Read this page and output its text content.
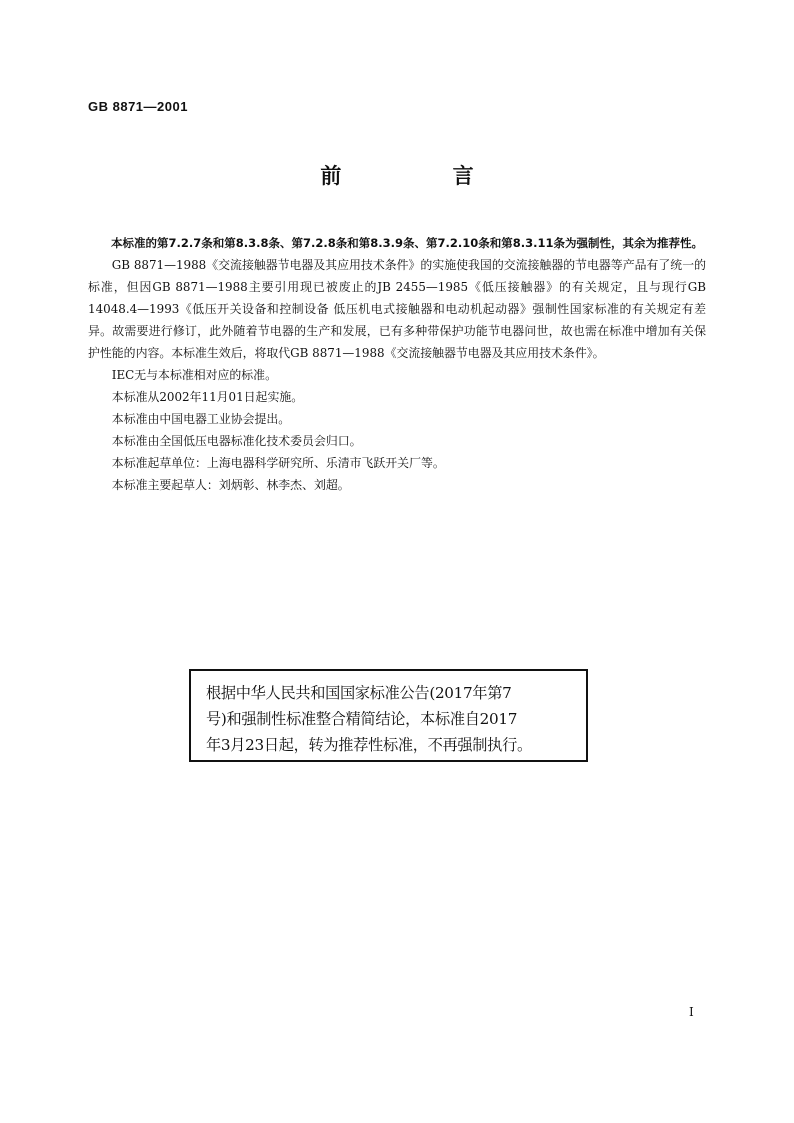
GB 8871—2001
前 言

本标准的第7.2.7条和第8.3.8条、第7.2.8条和第8.3.9条、第7.2.10条和第8.3.11条为强制性，其余为推荐性。

GB 8871—1988《交流接触器节电器及其应用技术条件》的实施使我国的交流接触器的节电器等产品有了统一的标准，但因GB 8871—1988主要引用现已被废止的JB 2455—1985《低压接触器》的有关规定，且与现行GB 14048.4—1993《低压开关设备和控制设备 低压机电式接触器和电动机起动器》强制性国家标准的有关规定有差异。故需要进行修订，此外随着节电器的生产和发展，已有多种带保护功能节电器问世，故也需在标准中增加有关保护性能的内容。本标准生效后，将取代GB 8871—1988《交流接触器节电器及其应用技术条件》。

IEC无与本标准相对应的标准。

本标准从2002年11月01日起实施。

本标准由中国电器工业协会提出。

本标准由全国低压电器标准化技术委员会归口。

本标准起草单位：上海电器科学研究所、乐清市飞跃开关厂等。

本标准主要起草人：刘炳彰、林李杰、刘超。

根据中华人民共和国国家标准公告(2017年第7

号)和强制性标准整合精简结论，本标准自2017

年3月23日起，转为推荐性标准，不再强制执行。

I
